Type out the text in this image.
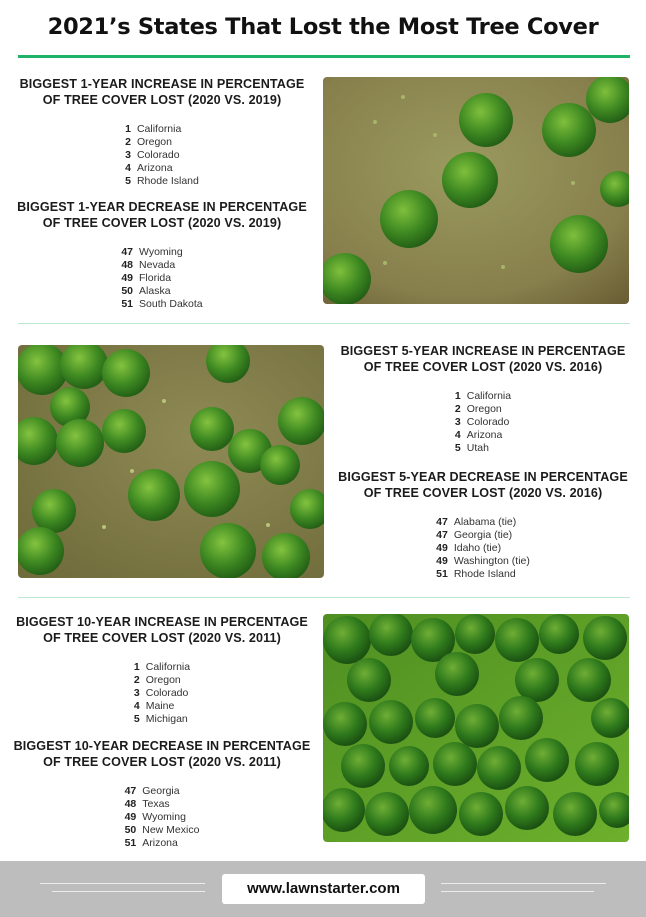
2021’s States That Lost the Most Tree Cover
BIGGEST 1-YEAR INCREASE IN PERCENTAGE
OF TREE COVER LOST (2020 VS. 2019)
1	California
2	Oregon
3	Colorado
4	Arizona
5	Rhode Island
BIGGEST 1-YEAR DECREASE IN PERCENTAGE
OF TREE COVER LOST (2020 VS. 2019)
47	Wyoming
48	Nevada
49	Florida
50	Alaska
51	South Dakota
BIGGEST 5-YEAR INCREASE IN PERCENTAGE
OF TREE COVER LOST (2020 VS. 2016)
1	California
2	Oregon
3	Colorado
4	Arizona
5	Utah
BIGGEST 5-YEAR DECREASE IN PERCENTAGE
OF TREE COVER LOST (2020 VS. 2016)
47	Alabama (tie)
47	Georgia (tie)
49	Idaho (tie)
49	Washington (tie)
51	Rhode Island
BIGGEST 10-YEAR INCREASE IN PERCENTAGE
OF TREE COVER LOST (2020 VS. 2011)
1	California
2	Oregon
3	Colorado
4	Maine
5	Michigan
BIGGEST 10-YEAR DECREASE IN PERCENTAGE
OF TREE COVER LOST (2020 VS. 2011)
47	Georgia
48	Texas
49	Wyoming
50	New Mexico
51	Arizona
www.lawnstarter.com
